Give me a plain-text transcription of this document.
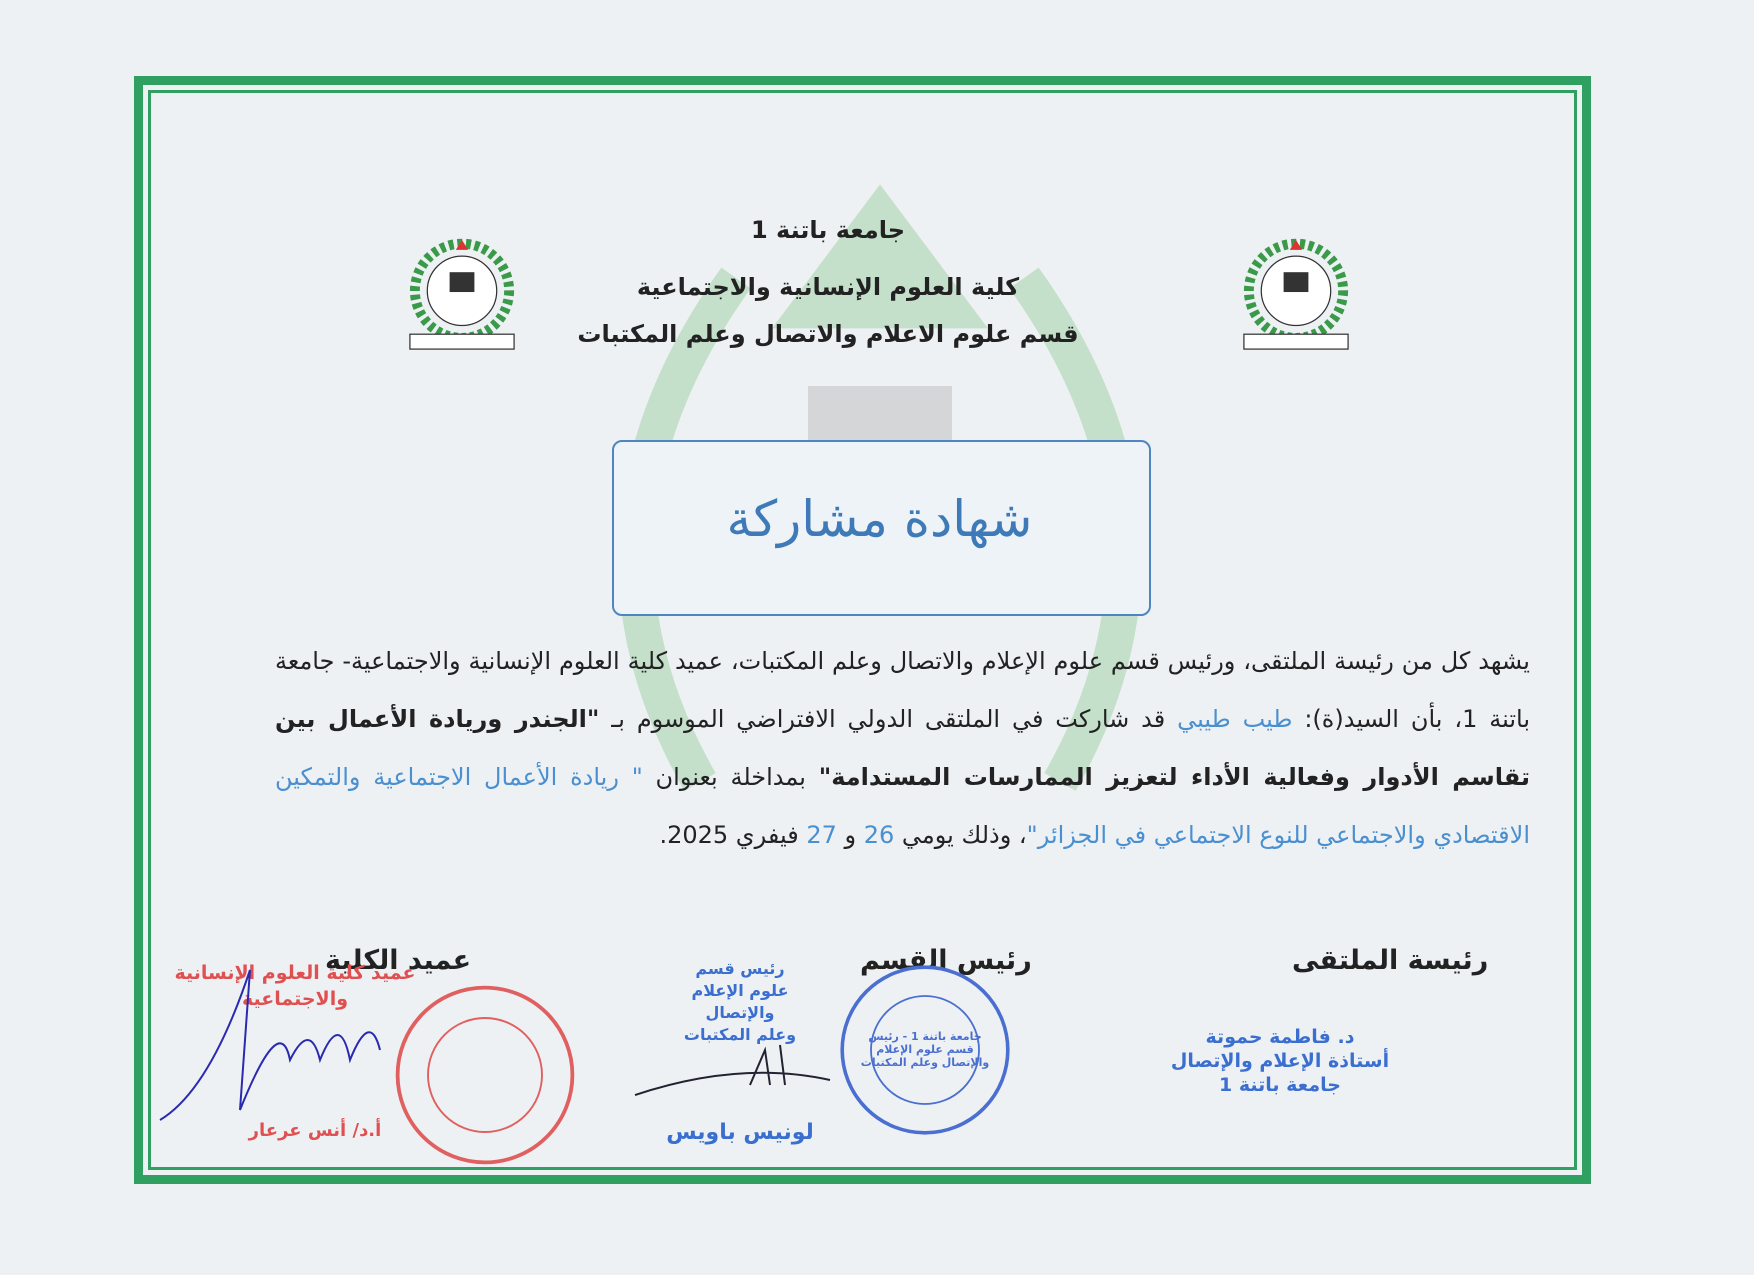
جامعة باتنة 1
كلية العلوم الإنسانية والاجتماعية
قسم علوم الاعلام والاتصال وعلم المكتبات
شهادة مشاركة
يشهد كل من رئيسة الملتقى، ورئيس قسم علوم الإعلام والاتصال وعلم المكتبات، عميد كلية العلوم الإنسانية والاجتماعية- جامعة باتنة 1، بأن السيد(ة): طيب طيبي قد شاركت في الملتقى الدولي الافتراضي الموسوم بـ "الجندر وريادة الأعمال بين تقاسم الأدوار وفعالية الأداء لتعزيز الممارسات المستدامة" بمداخلة بعنوان " ريادة الأعمال الاجتماعية والتمكين الاقتصادي والاجتماعي للنوع الاجتماعي في الجزائر"، وذلك يومي 26 و 27 فيفري 2025.
رئيسة الملتقى
د. فاطمة حموتة
أستاذة الإعلام والإتصال
جامعة باتنة 1
رئيس القسم
رئيس قسم
علوم الإعلام والإتصال
وعلم المكتبات	جامعة باتنة 1 - رئيس قسم علوم الإعلام والإتصال وعلم المكتبات
لونيس باويس
عميد الكلية
عميد كلية العلوم الإنسانية
والاجتماعية
أ.د/ أنس عرعار
